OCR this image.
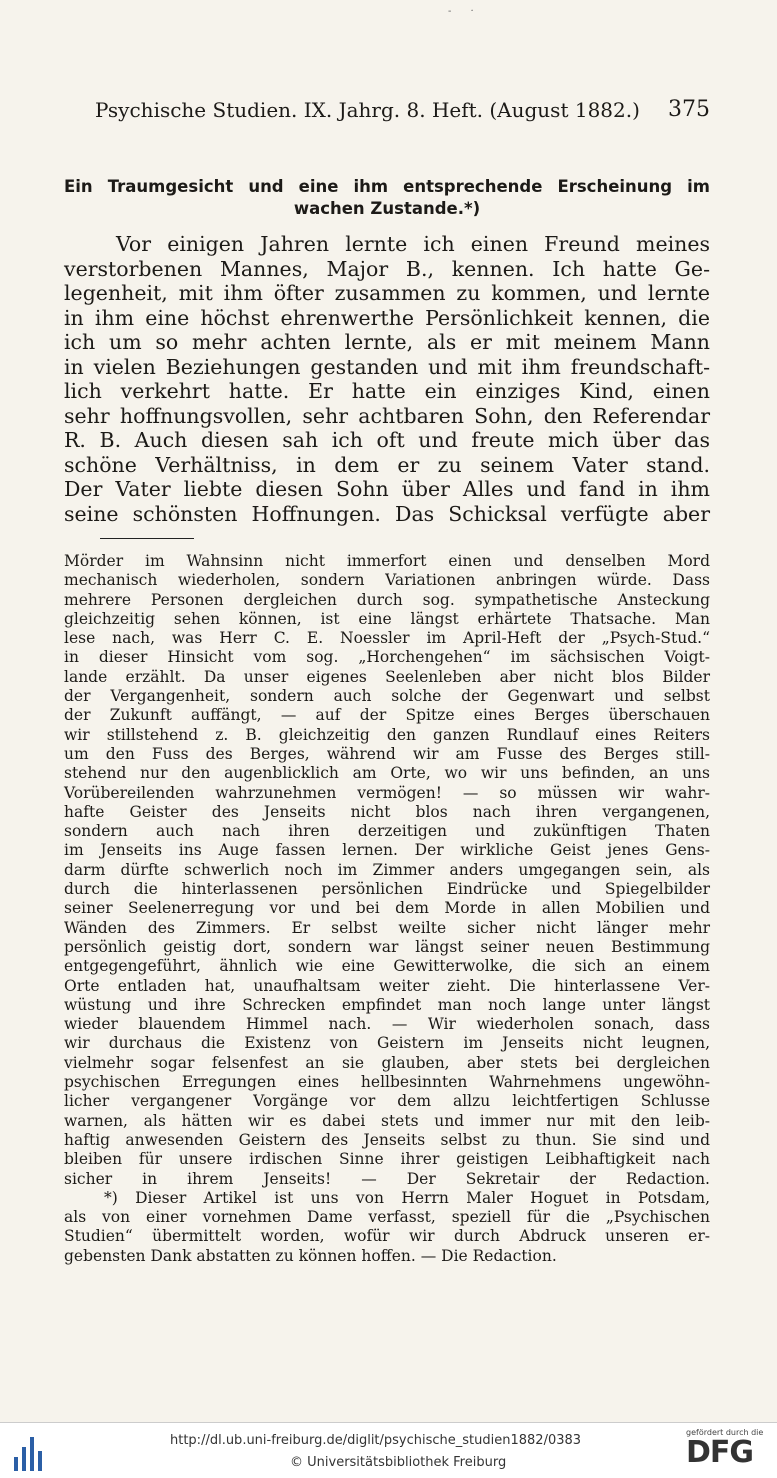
- ·
Psychische Studien. IX. Jahrg. 8. Heft. (August 1882.) 375
Ein Traumgesicht und eine ihm entsprechende Erscheinung im
wachen Zustande.*)
Vor einigen Jahren lernte ich einen Freund meines
verstorbenen Mannes, Major B., kennen. Ich hatte Ge-
legenheit, mit ihm öfter zusammen zu kommen, und lernte
in ihm eine höchst ehrenwerthe Persönlichkeit kennen, die
ich um so mehr achten lernte, als er mit meinem Mann
in vielen Beziehungen gestanden und mit ihm freundschaft-
lich verkehrt hatte. Er hatte ein einziges Kind, einen
sehr hoffnungsvollen, sehr achtbaren Sohn, den Referendar
R. B. Auch diesen sah ich oft und freute mich über das
schöne Verhältniss, in dem er zu seinem Vater stand.
Der Vater liebte diesen Sohn über Alles und fand in ihm
seine schönsten Hoffnungen. Das Schicksal verfügte aber
Mörder im Wahnsinn nicht immerfort einen und denselben Mord
mechanisch wiederholen, sondern Variationen anbringen würde. Dass
mehrere Personen dergleichen durch sog. sympathetische Ansteckung
gleichzeitig sehen können, ist eine längst erhärtete Thatsache. Man
lese nach, was Herr C. E. Noessler im April-Heft der „Psych-Stud.“
in dieser Hinsicht vom sog. „Horchengehen“ im sächsischen Voigt-
lande erzählt. Da unser eigenes Seelenleben aber nicht blos Bilder
der Vergangenheit, sondern auch solche der Gegenwart und selbst
der Zukunft auffängt, — auf der Spitze eines Berges überschauen
wir stillstehend z. B. gleichzeitig den ganzen Rundlauf eines Reiters
um den Fuss des Berges, während wir am Fusse des Berges still-
stehend nur den augenblicklich am Orte, wo wir uns befinden, an uns
Vorübereilenden wahrzunehmen vermögen! — so müssen wir wahr-
hafte Geister des Jenseits nicht blos nach ihren vergangenen,
sondern auch nach ihren derzeitigen und zukünftigen Thaten
im Jenseits ins Auge fassen lernen. Der wirkliche Geist jenes Gens-
darm dürfte schwerlich noch im Zimmer anders umgegangen sein, als
durch die hinterlassenen persönlichen Eindrücke und Spiegelbilder
seiner Seelenerregung vor und bei dem Morde in allen Mobilien und
Wänden des Zimmers. Er selbst weilte sicher nicht länger mehr
persönlich geistig dort, sondern war längst seiner neuen Bestimmung
entgegengeführt, ähnlich wie eine Gewitterwolke, die sich an einem
Orte entladen hat, unaufhaltsam weiter zieht. Die hinterlassene Ver-
wüstung und ihre Schrecken empfindet man noch lange unter längst
wieder blauendem Himmel nach. — Wir wiederholen sonach, dass
wir durchaus die Existenz von Geistern im Jenseits nicht leugnen,
vielmehr sogar felsenfest an sie glauben, aber stets bei dergleichen
psychischen Erregungen eines hellbesinnten Wahrnehmens ungewöhn-
licher vergangener Vorgänge vor dem allzu leichtfertigen Schlusse
warnen, als hätten wir es dabei stets und immer nur mit den leib-
haftig anwesenden Geistern des Jenseits selbst zu thun. Sie sind und
bleiben für unsere irdischen Sinne ihrer geistigen Leibhaftigkeit nach
sicher in ihrem Jenseits! — Der Sekretair der Redaction.
*) Dieser Artikel ist uns von Herrn Maler Hoguet in Potsdam,
als von einer vornehmen Dame verfasst, speziell für die „Psychischen
Studien“ übermittelt worden, wofür wir durch Abdruck unseren er-
gebensten Dank abstatten zu können hoffen. — Die Redaction.
http://dl.ub.uni-freiburg.de/diglit/psychische_studien1882/0383
© Universitätsbibliothek Freiburg
gefördert durch die
DFG
